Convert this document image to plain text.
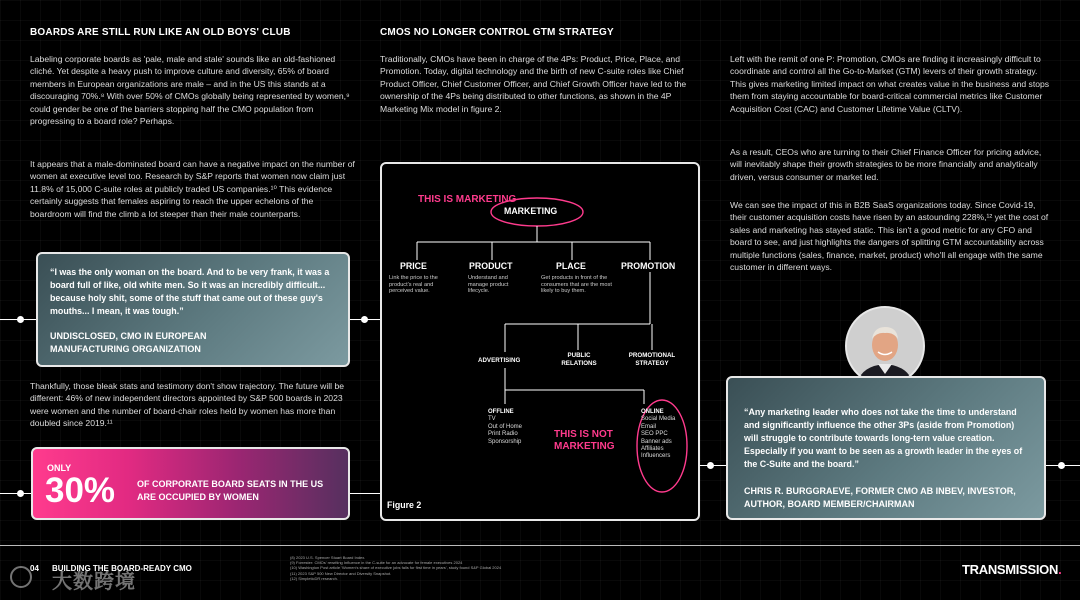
BOARDS ARE STILL RUN LIKE AN OLD BOYS' CLUB

Labeling corporate boards as 'pale, male and stale' sounds like an old-fashioned cliché. Yet despite a heavy push to improve culture and diversity, 65% of board members in European organizations are male – and in the US this stands at a discouraging 70%.⁸ With over 50% of CMOs globally being represented by women,⁹ could gender be one of the barriers stopping half the CMO population from progressing to a board role? Perhaps.

It appears that a male-dominated board can have a negative impact on the number of women at executive level too. Research by S&P reports that women now claim just 11.8% of 15,000 C-suite roles at publicly traded US companies.¹⁰ This evidence certainly suggests that females aspiring to reach the upper echelons of the boardroom will find the climb a lot steeper than their male counterparts.

“I was the only woman on the board. And to be very frank, it was a board full of like, old white men. So it was an incredibly difficult... because holy shit, some of the stuff that came out of these guy's mouths... I mean, it was tough.”

UNDISCLOSED, CMO IN EUROPEAN MANUFACTURING ORGANIZATION

Thankfully, those bleak stats and testimony don't show trajectory. The future will be different: 46% of new independent directors appointed by S&P 500 boards in 2023 were women and the number of board-chair roles held by women has more than doubled since 2019.¹¹

ONLY
30% OF CORPORATE BOARD SEATS IN THE US ARE OCCUPIED BY WOMEN
CMOS NO LONGER CONTROL GTM STRATEGY

Traditionally, CMOs have been in charge of the 4Ps: Product, Price, Place, and Promotion. Today, digital technology and the birth of new C-suite roles like Chief Product Officer, Chief Customer Officer, and Chief Growth Officer have led to the ownership of the 4Ps being distributed to other functions, as shown in the 4P Marketing Mix model in figure 2.

THIS IS MARKETING
MARKETING
PRICE
Link the price to the product's real and perceived value.
PRODUCT
Understand and manage product lifecycle.
PLACE
Get products in front of the consumers that are the most likely to buy them.
PROMOTION
ADVERTISING
PUBLIC RELATIONS
PROMOTIONAL STRATEGY
OFFLINE
TV
Out of Home
Print Radio
Sponsorship
ONLINE
Social Media
Email
SEO PPC
Banner ads
Affiliates
Influencers
THIS IS NOT MARKETING
Figure 2

Left with the remit of one P: Promotion, CMOs are finding it increasingly difficult to coordinate and control all the Go-to-Market (GTM) levers of their growth strategy. This gives marketing limited impact on what creates value in the business and stops them from staying accountable for board-critical commercial metrics like Customer Acquisition Cost (CAC) and Customer Lifetime Value (CLTV).

As a result, CEOs who are turning to their Chief Finance Officer for pricing advice, will inevitably shape their growth strategies to be more financially and analytically driven, versus consumer or market led.

We can see the impact of this in B2B SaaS organizations today. Since Covid-19, their customer acquisition costs have risen by an astounding 228%,¹² yet the cost of sales and marketing has stayed static. This isn't a good metric for any CFO and board to see, and just highlights the dangers of splitting GTM accountability across multiple functions (sales, finance, market, product) who'll all engage with the same customer in different ways.

“Any marketing leader who does not take the time to understand and significantly influence the other 3Ps (aside from Promotion) will struggle to contribute towards long-tern value creation. Especially if you want to be seen as a growth leader in the eyes of the C-Suite and the board.”

CHRIS R. BURGGRAEVE, FORMER CMO AB INBEV, INVESTOR, AUTHOR, BOARD MEMBER/CHAIRMAN

04 BUILDING THE BOARD-READY CMO
(8) 2023 U.S. Spencer Stuart Board Index.
(9) Forrester: CMOs' rewriting Influence in the C-suite for an advocate for female executives 2024
(10) Washington Post article 'Women's share of executive jobs falls for first time in years', study found S&P Global 2024
(11) 2023 S&P 500 New Director and Diversity Snapshot.
(12) SimpleticDR research.
TRANSMISSION.
大数跨境
